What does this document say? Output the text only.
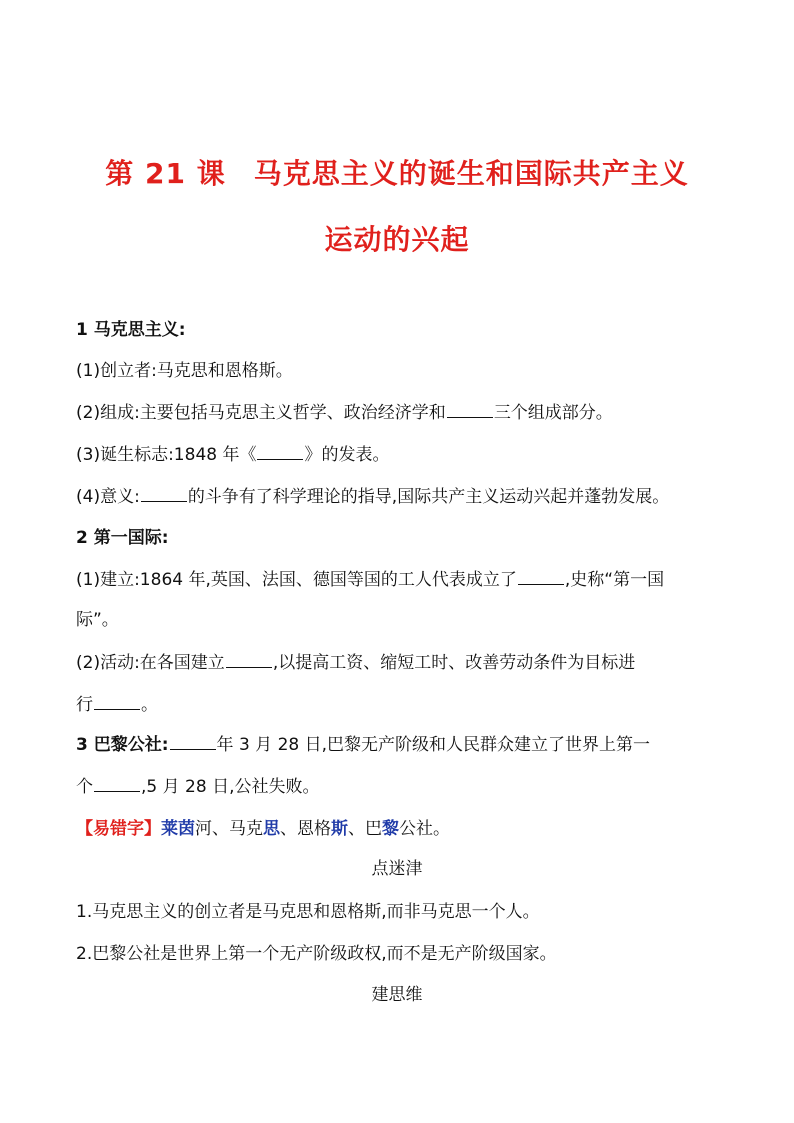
第 21 课 马克思主义的诞生和国际共产主义
运动的兴起
1 马克思主义:
(1)创立者:马克思和恩格斯。
(2)组成:主要包括马克思主义哲学、政治经济学和	三个组成部分。
(3)诞生标志:1848 年《	》的发表。
(4)意义:	的斗争有了科学理论的指导,国际共产主义运动兴起并蓬勃发展。
2 第一国际:
(1)建立:1864 年,英国、法国、德国等国的工人代表成立了	,史称“第一国
际”。
(2)活动:在各国建立	,以提高工资、缩短工时、改善劳动条件为目标进
行	。
3 巴黎公社:	年 3 月 28 日,巴黎无产阶级和人民群众建立了世界上第一
个	,5 月 28 日,公社失败。
【易错字】莱茵河、马克思、恩格斯、巴黎公社。
点迷津
1.马克思主义的创立者是马克思和恩格斯,而非马克思一个人。
2.巴黎公社是世界上第一个无产阶级政权,而不是无产阶级国家。
建思维
